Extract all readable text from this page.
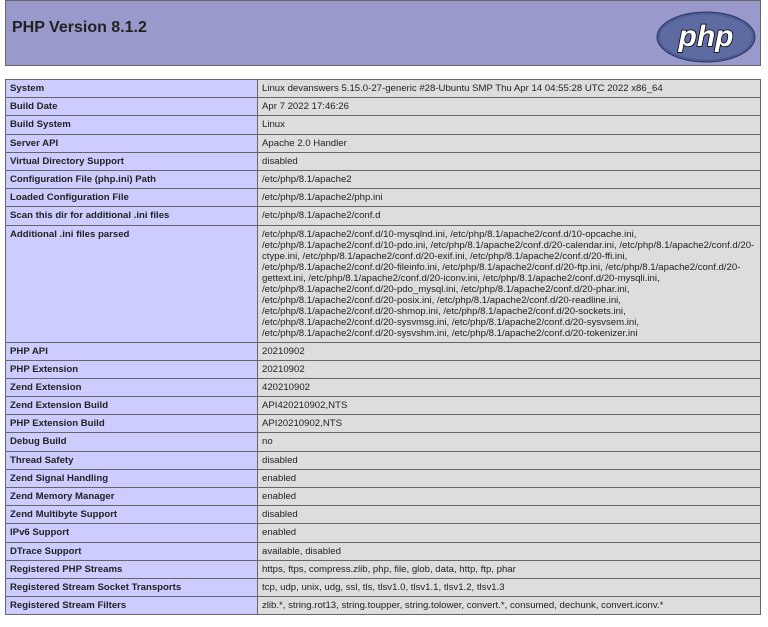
PHP Version 8.1.2	php
System	Linux devanswers 5.15.0-27-generic #28-Ubuntu SMP Thu Apr 14 04:55:28 UTC 2022 x86_64
Build Date	Apr 7 2022 17:46:26
Build System	Linux
Server API	Apache 2.0 Handler
Virtual Directory Support	disabled
Configuration File (php.ini) Path	/etc/php/8.1/apache2
Loaded Configuration File	/etc/php/8.1/apache2/php.ini
Scan this dir for additional .ini files	/etc/php/8.1/apache2/conf.d
Additional .ini files parsed	/etc/php/8.1/apache2/conf.d/10-mysqlnd.ini, /etc/php/8.1/apache2/conf.d/10-opcache.ini, /etc/php/8.1/apache2/conf.d/10-pdo.ini, /etc/php/8.1/apache2/conf.d/20-calendar.ini, /etc/php/8.1/apache2/conf.d/20-ctype.ini, /etc/php/8.1/apache2/conf.d/20-exif.ini, /etc/php/8.1/apache2/conf.d/20-ffi.ini, /etc/php/8.1/apache2/conf.d/20-fileinfo.ini, /etc/php/8.1/apache2/conf.d/20-ftp.ini, /etc/php/8.1/apache2/conf.d/20-gettext.ini, /etc/php/8.1/apache2/conf.d/20-iconv.ini, /etc/php/8.1/apache2/conf.d/20-mysqli.ini, /etc/php/8.1/apache2/conf.d/20-pdo_mysql.ini, /etc/php/8.1/apache2/conf.d/20-phar.ini, /etc/php/8.1/apache2/conf.d/20-posix.ini, /etc/php/8.1/apache2/conf.d/20-readline.ini, /etc/php/8.1/apache2/conf.d/20-shmop.ini, /etc/php/8.1/apache2/conf.d/20-sockets.ini, /etc/php/8.1/apache2/conf.d/20-sysvmsg.ini, /etc/php/8.1/apache2/conf.d/20-sysvsem.ini, /etc/php/8.1/apache2/conf.d/20-sysvshm.ini, /etc/php/8.1/apache2/conf.d/20-tokenizer.ini
PHP API	20210902
PHP Extension	20210902
Zend Extension	420210902
Zend Extension Build	API420210902,NTS
PHP Extension Build	API20210902,NTS
Debug Build	no
Thread Safety	disabled
Zend Signal Handling	enabled
Zend Memory Manager	enabled
Zend Multibyte Support	disabled
IPv6 Support	enabled
DTrace Support	available, disabled
Registered PHP Streams	https, ftps, compress.zlib, php, file, glob, data, http, ftp, phar
Registered Stream Socket Transports	tcp, udp, unix, udg, ssl, tls, tlsv1.0, tlsv1.1, tlsv1.2, tlsv1.3
Registered Stream Filters	zlib.*, string.rot13, string.toupper, string.tolower, convert.*, consumed, dechunk, convert.iconv.*
